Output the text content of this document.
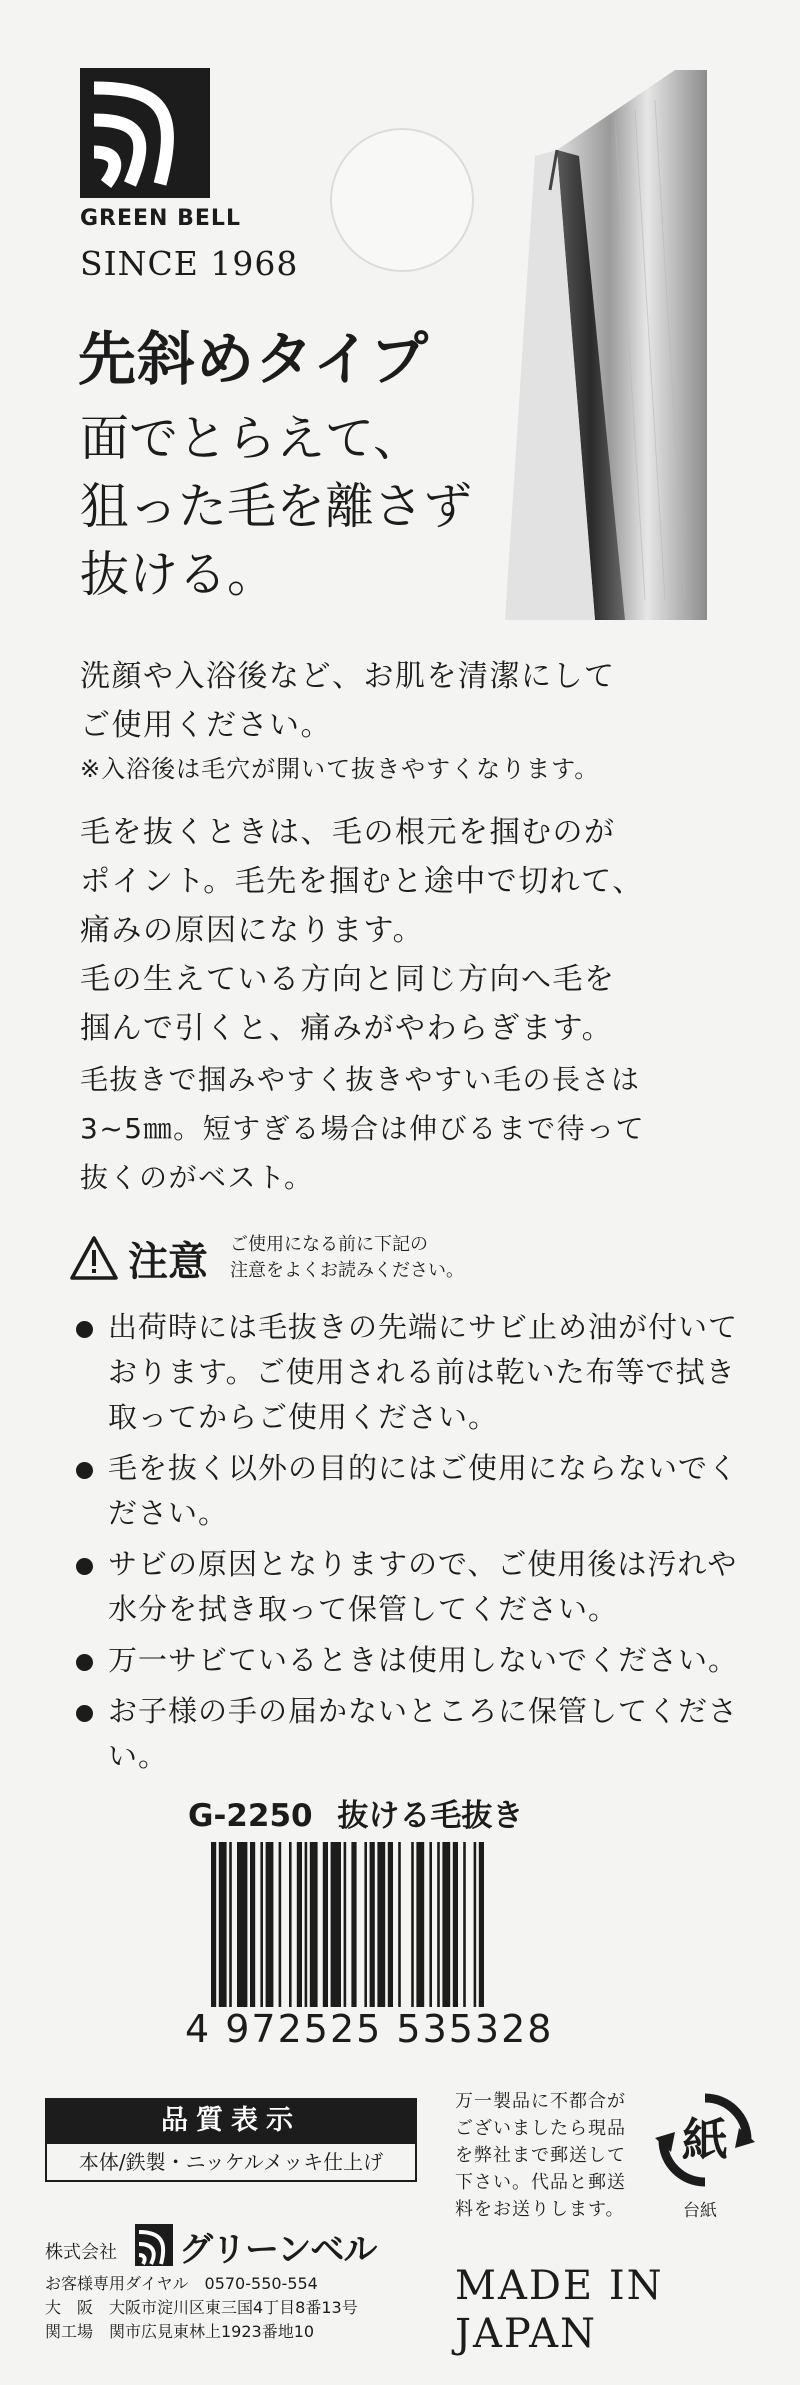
GREEN BELL
SINCE 1968
先斜めタイプ
面でとらえて、
狙った毛を離さず
抜ける。
洗顔や入浴後など、お肌を清潔にして
ご使用ください。
※入浴後は毛穴が開いて抜きやすくなります。
毛を抜くときは、毛の根元を掴むのが
ポイント。毛先を掴むと途中で切れて、
痛みの原因になります。
毛の生えている方向と同じ方向へ毛を
掴んで引くと、痛みがやわらぎます。
毛抜きで掴みやすく抜きやすい毛の長さは
3~5㎜。短すぎる場合は伸びるまで待って
抜くのがベスト。
注意 ご使用になる前に下記の
注意をよくお読みください。
出荷時には毛抜きの先端にサビ止め油が付いております。ご使用される前は乾いた布等で拭き取ってからご使用ください。
毛を抜く以外の目的にはご使用にならないでください。
サビの原因となりますので、ご使用後は汚れや水分を拭き取って保管してください。
万一サビているときは使用しないでください。
お子様の手の届かないところに保管してください。
G-2250 抜ける毛抜き
4 972525 535328
品質表示
本体/鉄製・ニッケルメッキ仕上げ
万一製品に不都合が
ございましたら現品
を弊社まで郵送して
下さい。代品と郵送
料をお送りします。
紙
台紙
株式会社 グリーンベル
お客様専用ダイヤル　0570-550-554
大　阪　大阪市淀川区東三国4丁目8番13号
関工場　関市広見東林上1923番地10
MADE IN
JAPAN
